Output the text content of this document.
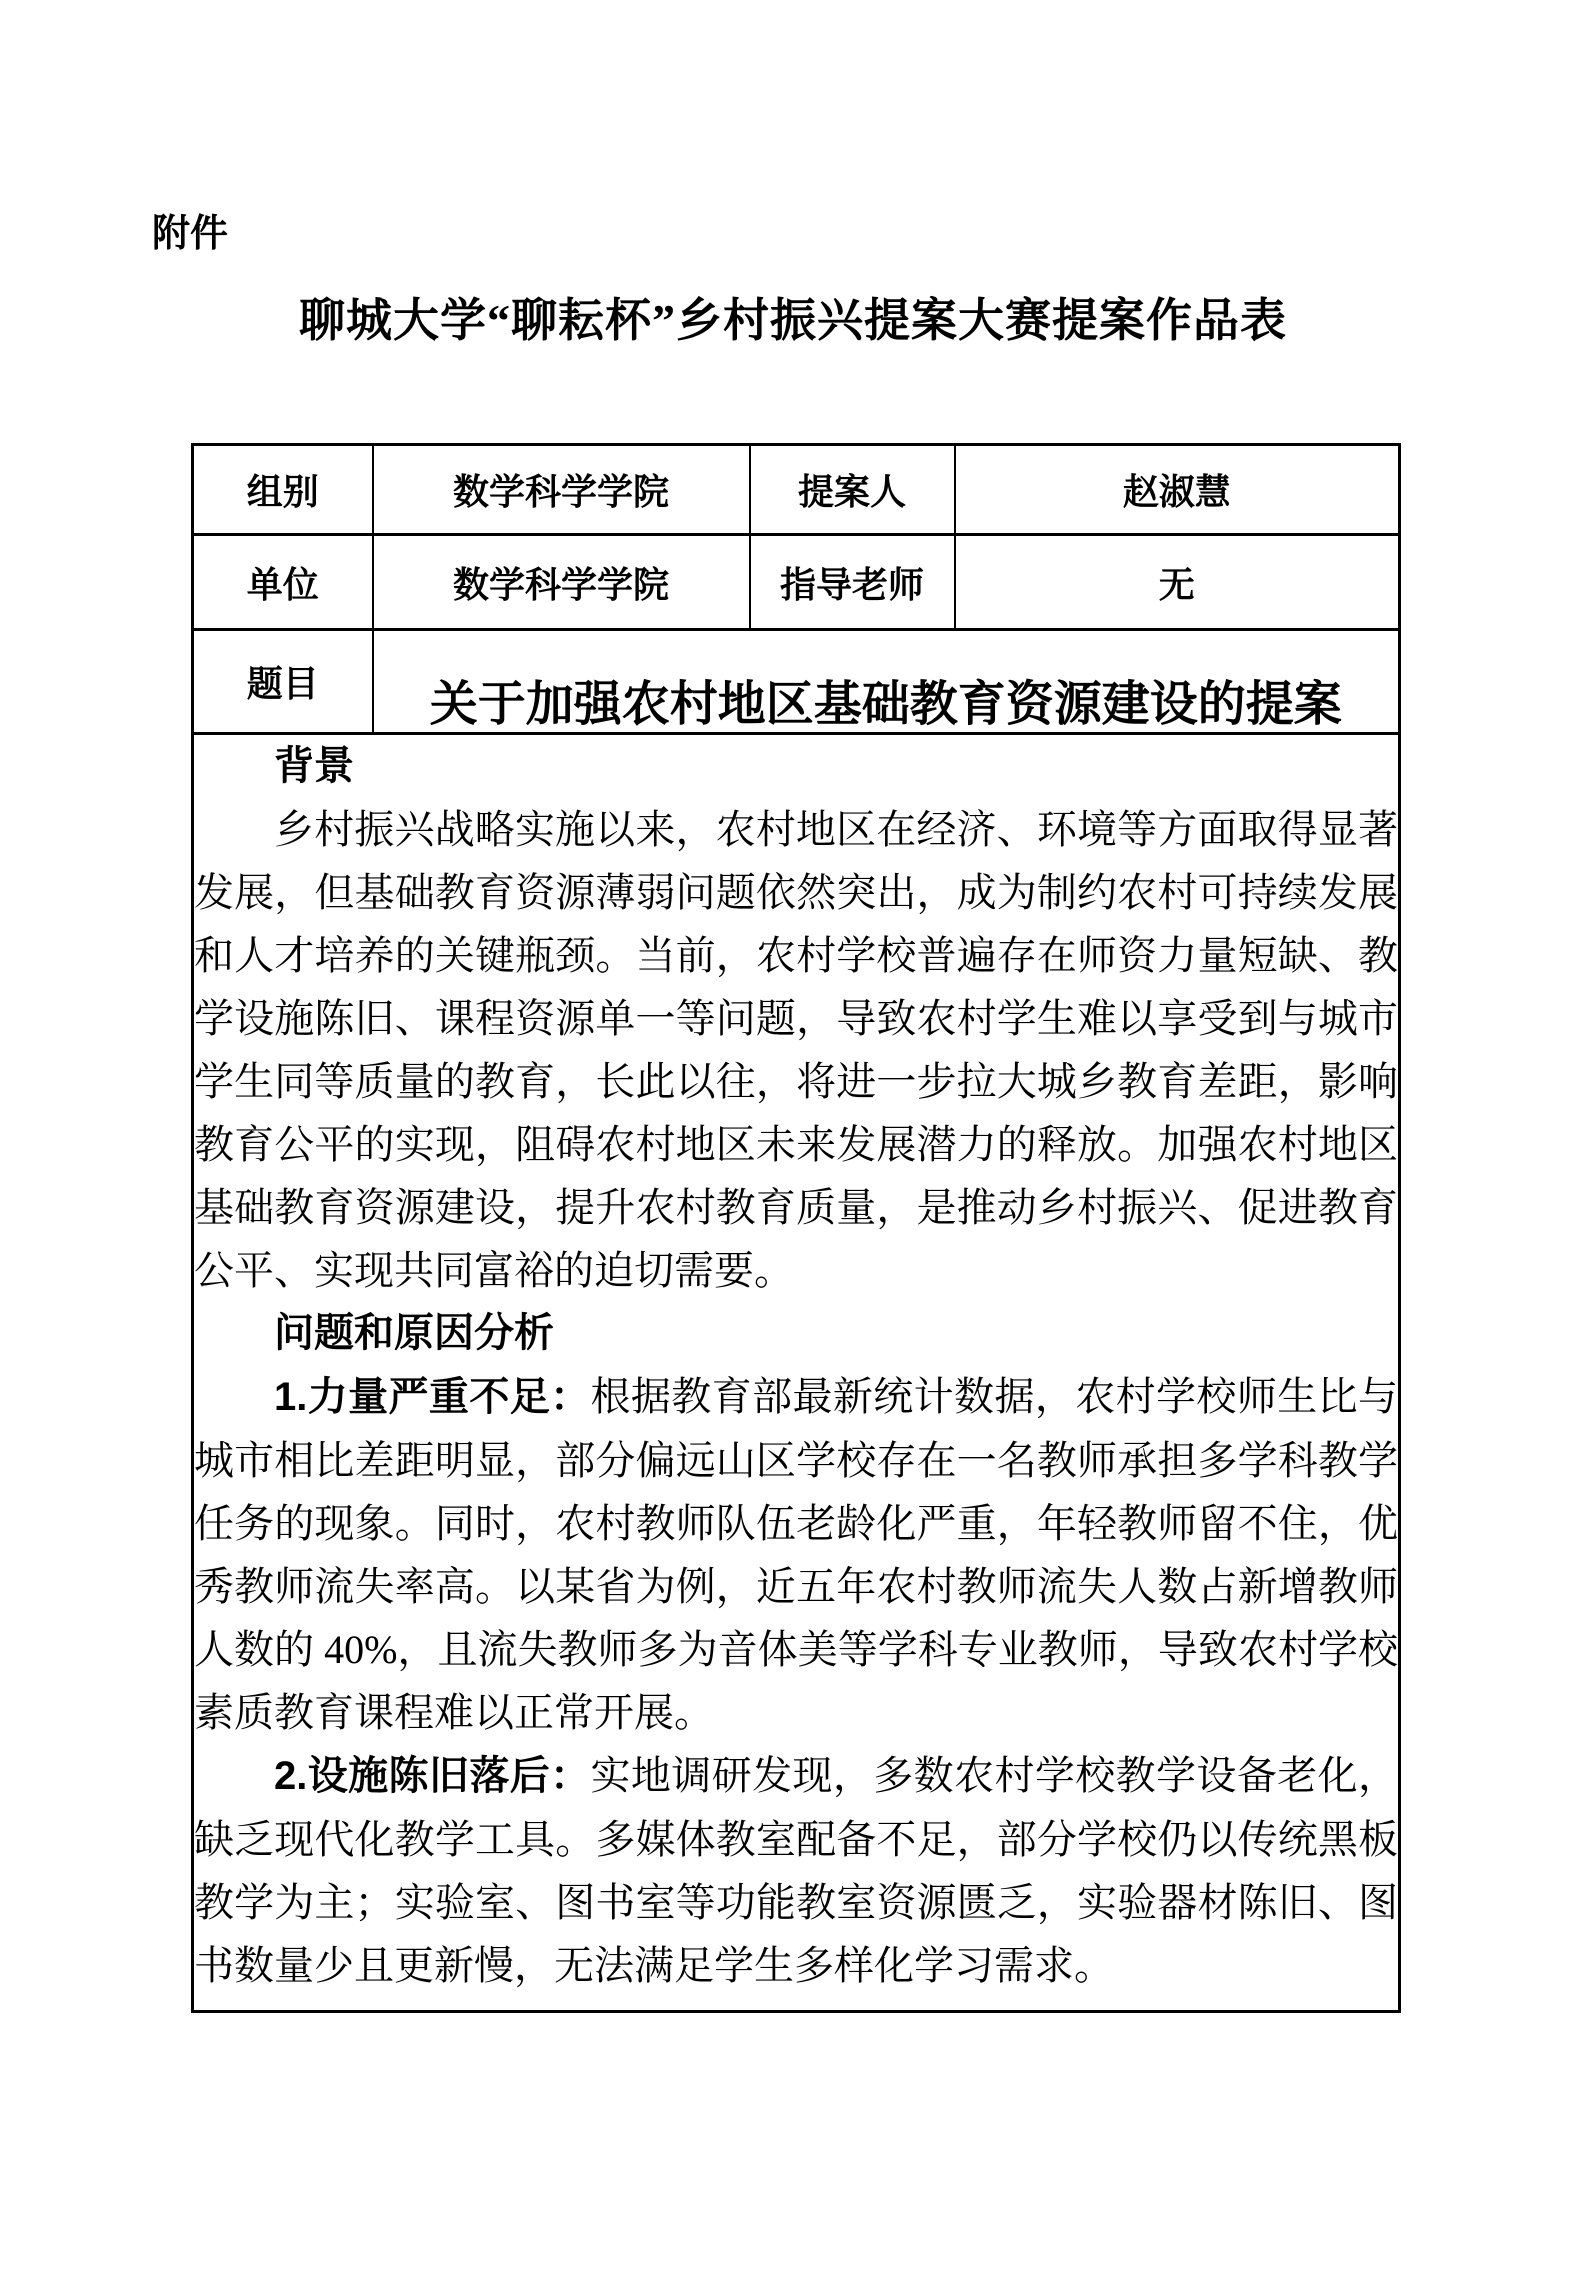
附件
聊城大学“聊耘杯”乡村振兴提案大赛提案作品表
组别	数学科学学院	提案人	赵淑慧
单位	数学科学学院	指导老师	无
题目	关于加强农村地区基础教育资源建设的提案		

背景

乡村振兴战略实施以来，农村地区在经济、环境等方面取得显著发展，但基础教育资源薄弱问题依然突出，成为制约农村可持续发展和人才培养的关键瓶颈。当前，农村学校普遍存在师资力量短缺、教学设施陈旧、课程资源单一等问题，导致农村学生难以享受到与城市学生同等质量的教育，长此以往，将进一步拉大城乡教育差距，影响教育公平的实现，阻碍农村地区未来发展潜力的释放。加强农村地区基础教育资源建设，提升农村教育质量，是推动乡村振兴、促进教育公平、实现共同富裕的迫切需要。

问题和原因分析

1.力量严重不足：根据教育部最新统计数据，农村学校师生比与城市相比差距明显，部分偏远山区学校存在一名教师承担多学科教学任务的现象。同时，农村教师队伍老龄化严重，年轻教师留不住，优秀教师流失率高。以某省为例，近五年农村教师流失人数占新增教师人数的 40%，且流失教师多为音体美等学科专业教师，导致农村学校素质教育课程难以正常开展。

2.设施陈旧落后：实地调研发现，多数农村学校教学设备老化，缺乏现代化教学工具。多媒体教室配备不足，部分学校仍以传统黑板教学为主；实验室、图书室等功能教室资源匮乏，实验器材陈旧、图书数量少且更新慢，无法满足学生多样化学习需求。			
